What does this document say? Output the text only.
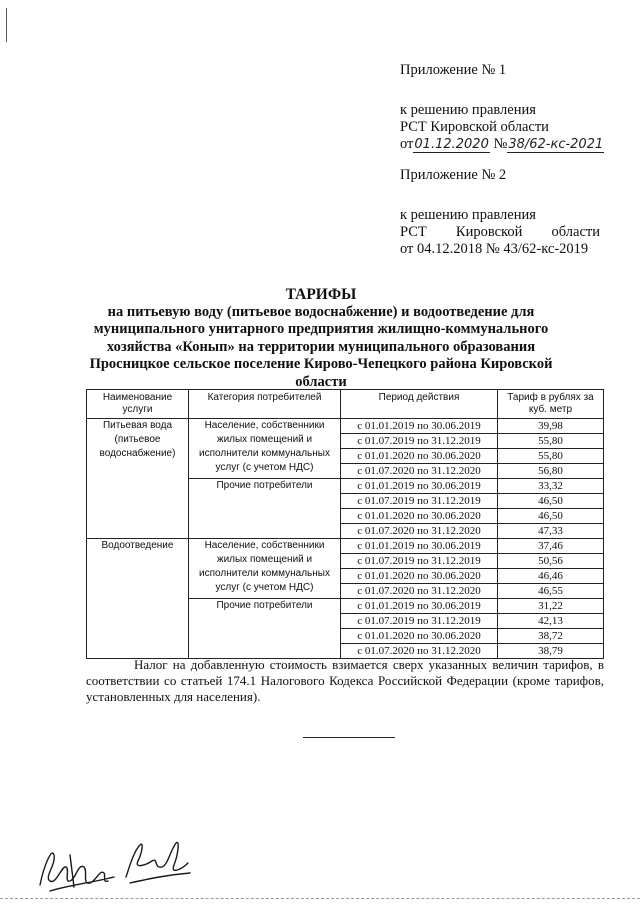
Приложение № 1
к решению правления
РСТ Кировской области
от01.12.2020 №38/62-кс-2021
Приложение № 2
к решению правления
РСТ Кировской области
от 04.12.2018 № 43/62-кс-2019
ТАРИФЫ
на питьевую воду (питьевое водоснабжение) и водоотведение для
муниципального унитарного предприятия жилищно-коммунального
хозяйства «Конып» на территории муниципального образования
Просницкое сельское поселение Кирово-Чепецкого района Кировской
области
Наименование услуги	Категория потребителей	Период действия	Тариф в рублях за куб. метр
Питьевая вода (питьевое водоснабжение)	Население, собственники жилых помещений и исполнители коммунальных услуг (с учетом НДС)	с 01.01.2019 по 30.06.2019	39,98
		с 01.07.2019 по 31.12.2019	55,80
		с 01.01.2020 по 30.06.2020	55,80
		с 01.07.2020 по 31.12.2020	56,80
	Прочие потребители	с 01.01.2019 по 30.06.2019	33,32
		с 01.07.2019 по 31.12.2019	46,50
		с 01.01.2020 по 30.06.2020	46,50
		с 01.07.2020 по 31.12.2020	47,33
Водоотведение	Население, собственники жилых помещений и исполнители коммунальных услуг (с учетом НДС)	с 01.01.2019 по 30.06.2019	37,46
		с 01.07.2019 по 31.12.2019	50,56
		с 01.01.2020 по 30.06.2020	46,46
		с 01.07.2020 по 31.12.2020	46,55
	Прочие потребители	с 01.01.2019 по 30.06.2019	31,22
		с 01.07.2019 по 31.12.2019	42,13
		с 01.01.2020 по 30.06.2020	38,72
		с 01.07.2020 по 31.12.2020	38,79
Налог на добавленную стоимость взимается сверх указанных величин тарифов, в соответствии со статьей 174.1 Налогового Кодекса Российской Федерации (кроме тарифов, установленных для населения).
